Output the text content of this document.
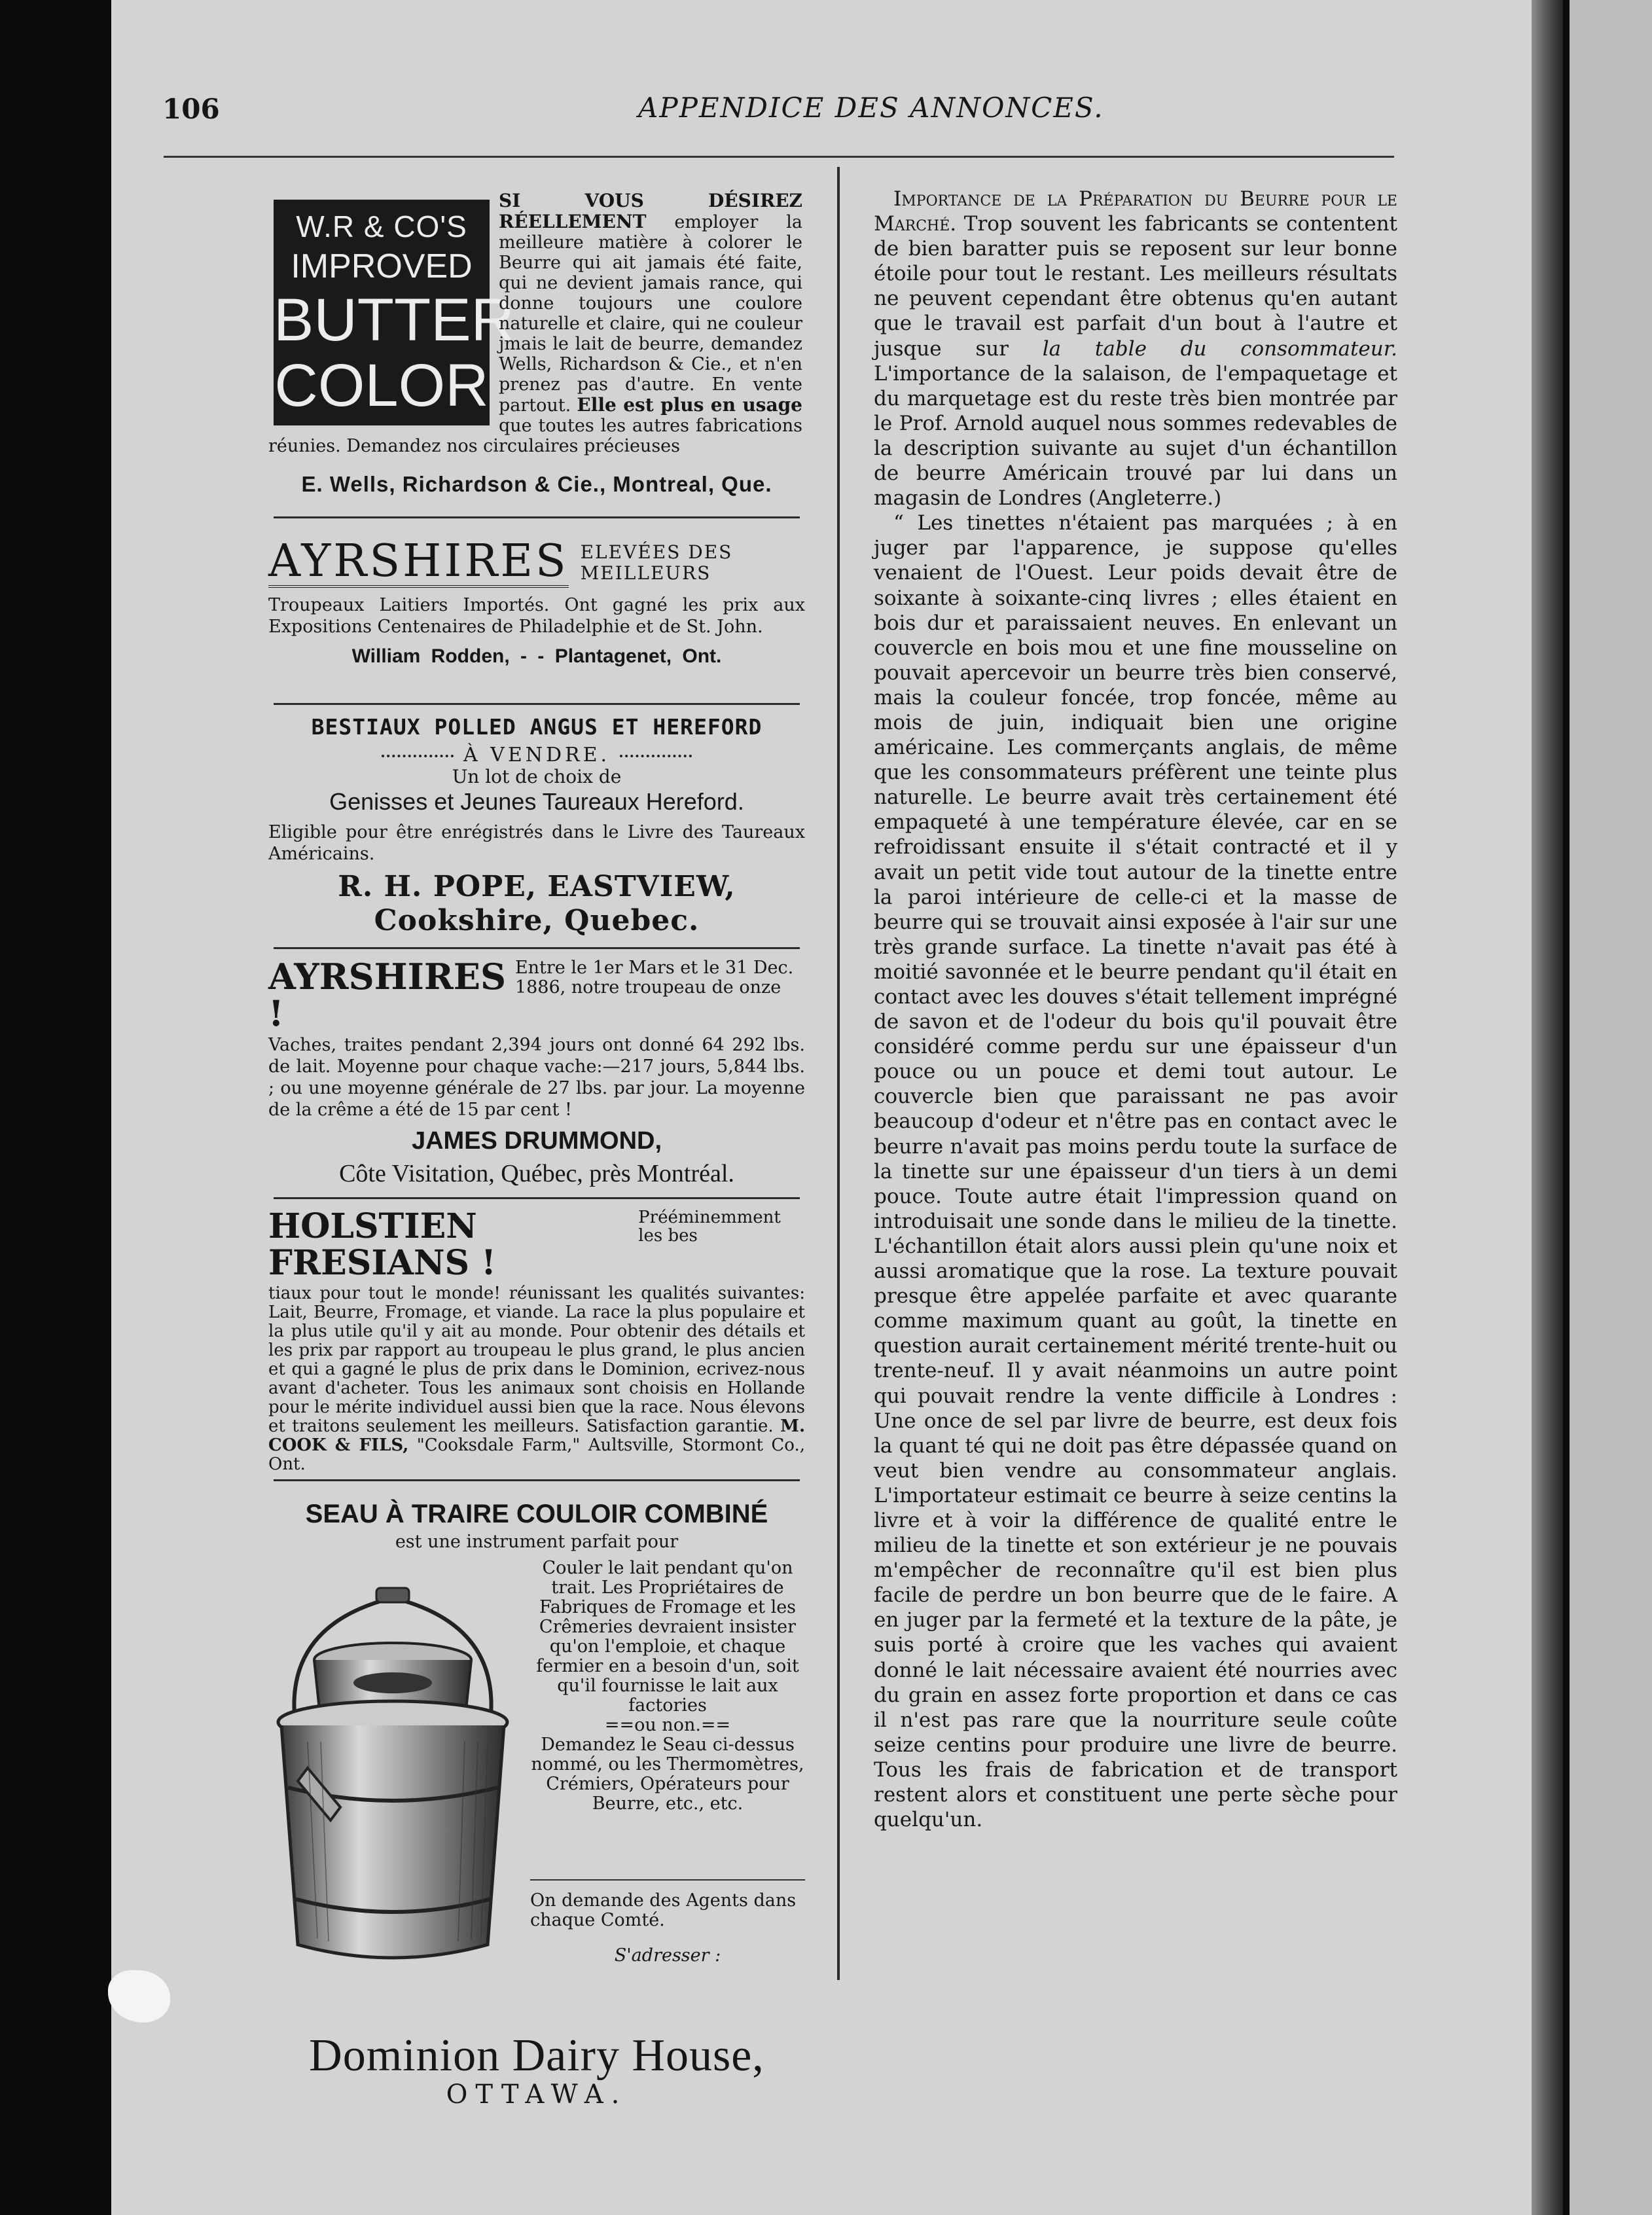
106	APPENDICE DES ANNONCES.
W.R & CO'S
IMPROVED
BUTTER
COLOR
SI VOUS DÉSIREZ RÉELLEMENT employer la meilleure matière à colorer le Beurre qui ait jamais été faite, qui ne devient jamais rance, qui donne toujours une coulore naturelle et claire, qui ne couleur jmais le lait de beurre, demandez Wells, Richardson & Cie., et n'en prenez pas d'autre. En vente partout. Elle est plus en usage que toutes les autres fabrications réunies. Demandez nos circulaires précieuses
E. Wells, Richardson & Cie., Montreal, Que.
AYRSHIRES ELEVÉES DES
MEILLEURS
Troupeaux Laitiers Importés. Ont gagné les prix aux Expositions Centenaires de Philadelphie et de St. John.
William Rodden, - - Plantagenet, Ont.
BESTIAUX POLLED ANGUS ET HEREFORD
À VENDRE.
Un lot de choix de
Genisses et Jeunes Taureaux Hereford.
Eligible pour être enrégistrés dans le Livre des Taureaux Américains.
R. H. POPE, EASTVIEW,
Cookshire, Quebec.
AYRSHIRES !
Entre le 1er Mars et le 31 Dec. 1886, notre troupeau de onze
Vaches, traites pendant 2,394 jours ont donné 64 292 lbs. de lait. Moyenne pour chaque vache:—217 jours, 5,844 lbs. ; ou une moyenne générale de 27 lbs. par jour. La moyenne de la crême a été de 15 par cent !
JAMES DRUMMOND,
Côte Visitation, Québec, près Montréal.
HOLSTIEN FRESIANS !
Prééminemment les bes
tiaux pour tout le monde! réunissant les qualités suivantes: Lait, Beurre, Fromage, et viande. La race la plus populaire et la plus utile qu'il y ait au monde. Pour obtenir des détails et les prix par rapport au troupeau le plus grand, le plus ancien et qui a gagné le plus de prix dans le Dominion, ecrivez-nous avant d'acheter. Tous les animaux sont choisis en Hollande pour le mérite individuel aussi bien que la race. Nous élevons et traitons seulement les meilleurs. Satisfaction garantie. M. COOK & FILS, "Cooksdale Farm," Aultsville, Stormont Co., Ont.
SEAU À TRAIRE COULOIR COMBINÉ
est une instrument parfait pour
Couler le lait pendant qu'on trait. Les Propriétaires de Fabriques de Fromage et les Crêmeries devraient insister qu'on l'emploie, et chaque fermier en a besoin d'un, soit qu'il fournisse le lait aux factories
==ou non.==
Demandez le Seau ci-dessus nommé, ou les Thermomètres, Crémiers, Opérateurs pour Beurre, etc., etc.
On demande des Agents dans chaque Comté.
S'adresser :
Dominion Dairy House,
OTTAWA.

Importance de la Préparation du Beurre pour le Marché. Trop souvent les fabricants se contentent de bien baratter puis se reposent sur leur bonne étoile pour tout le restant. Les meilleurs résultats ne peuvent cependant être obtenus qu'en autant que le travail est parfait d'un bout à l'autre et jusque sur la table du consommateur. L'importance de la salaison, de l'empaquetage et du marquetage est du reste très bien montrée par le Prof. Arnold auquel nous sommes redevables de la description suivante au sujet d'un échantillon de beurre Américain trouvé par lui dans un magasin de Londres (Angleterre.)

“ Les tinettes n'étaient pas marquées ; à en juger par l'apparence, je suppose qu'elles venaient de l'Ouest. Leur poids devait être de soixante à soixante-cinq livres ; elles étaient en bois dur et paraissaient neuves. En enlevant un couvercle en bois mou et une fine mousseline on pouvait apercevoir un beurre très bien conservé, mais la couleur foncée, trop foncée, même au mois de juin, indiquait bien une origine américaine. Les commerçants anglais, de même que les consommateurs préfèrent une teinte plus naturelle. Le beurre avait très certainement été empaqueté à une température élevée, car en se refroidissant ensuite il s'était contracté et il y avait un petit vide tout autour de la tinette entre la paroi intérieure de celle-ci et la masse de beurre qui se trouvait ainsi exposée à l'air sur une très grande surface. La tinette n'avait pas été à moitié savonnée et le beurre pendant qu'il était en contact avec les douves s'était tellement imprégné de savon et de l'odeur du bois qu'il pouvait être considéré comme perdu sur une épaisseur d'un pouce ou un pouce et demi tout autour. Le couvercle bien que paraissant ne pas avoir beaucoup d'odeur et n'être pas en contact avec le beurre n'avait pas moins perdu toute la surface de la tinette sur une épaisseur d'un tiers à un demi pouce. Toute autre était l'impression quand on introduisait une sonde dans le milieu de la tinette. L'échantillon était alors aussi plein qu'une noix et aussi aromatique que la rose. La texture pouvait presque être appelée parfaite et avec quarante comme maximum quant au goût, la tinette en question aurait certainement mérité trente-huit ou trente-neuf. Il y avait néanmoins un autre point qui pouvait rendre la vente difficile à Londres : Une once de sel par livre de beurre, est deux fois la quant té qui ne doit pas être dépassée quand on veut bien vendre au consommateur anglais. L'importateur estimait ce beurre à seize centins la livre et à voir la différence de qualité entre le milieu de la tinette et son extérieur je ne pouvais m'empêcher de reconnaître qu'il est bien plus facile de perdre un bon beurre que de le faire. A en juger par la fermeté et la texture de la pâte, je suis porté à croire que les vaches qui avaient donné le lait nécessaire avaient été nourries avec du grain en assez forte proportion et dans ce cas il n'est pas rare que la nourriture seule coûte seize centins pour produire une livre de beurre. Tous les frais de fabrication et de transport restent alors et constituent une perte sèche pour quelqu'un.
